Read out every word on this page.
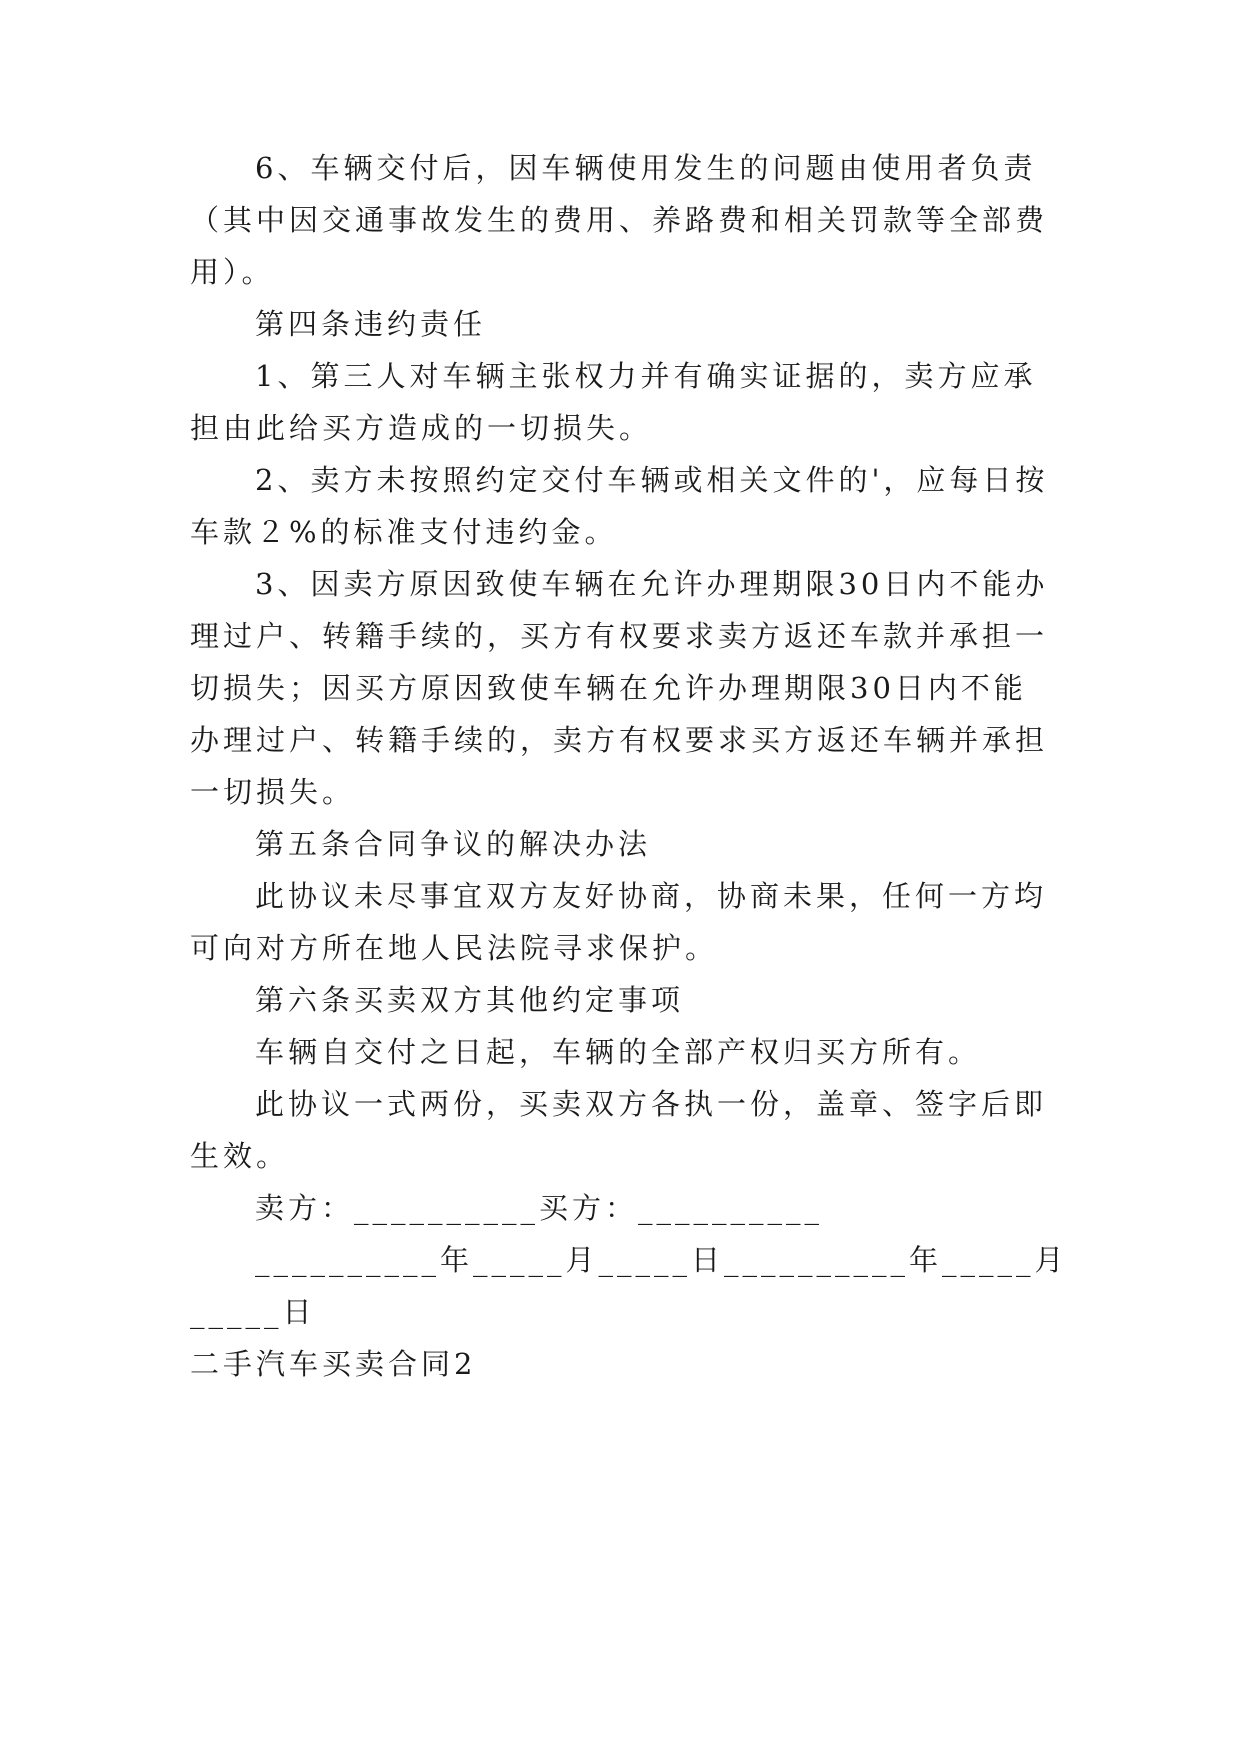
6、车辆交付后，因车辆使用发生的问题由使用者负责
（其中因交通事故发生的费用、养路费和相关罚款等全部费
用）。
第四条违约责任
1、第三人对车辆主张权力并有确实证据的，卖方应承
担由此给买方造成的一切损失。
2、卖方未按照约定交付车辆或相关文件的'，应每日按
车款２%的标准支付违约金。
3、因卖方原因致使车辆在允许办理期限30日内不能办
理过户、转籍手续的，买方有权要求卖方返还车款并承担一
切损失；因买方原因致使车辆在允许办理期限30日内不能
办理过户、转籍手续的，卖方有权要求买方返还车辆并承担
一切损失。
第五条合同争议的解决办法
此协议未尽事宜双方友好协商，协商未果，任何一方均
可向对方所在地人民法院寻求保护。
第六条买卖双方其他约定事项
车辆自交付之日起，车辆的全部产权归买方所有。
此协议一式两份，买卖双方各执一份，盖章、签字后即
生效。
卖方：__________买方：__________
__________年_____月_____日__________年_____月
_____日
二手汽车买卖合同2
